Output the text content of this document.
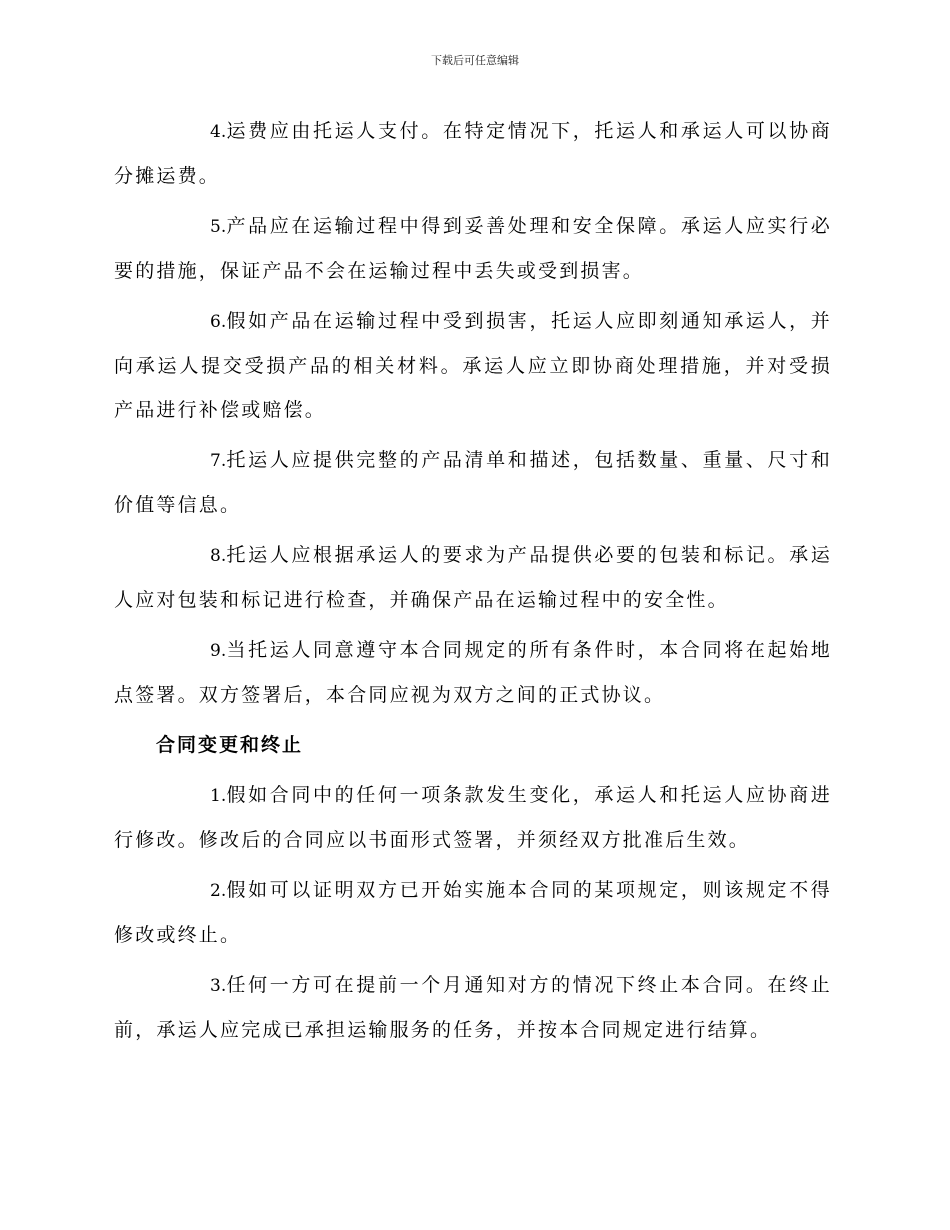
下载后可任意编辑

4.运费应由托运人支付。在特定情况下，托运人和承运人可以协商分摊运费。

5.产品应在运输过程中得到妥善处理和安全保障。承运人应实行必要的措施，保证产品不会在运输过程中丢失或受到损害。

6.假如产品在运输过程中受到损害，托运人应即刻通知承运人，并向承运人提交受损产品的相关材料。承运人应立即协商处理措施，并对受损产品进行补偿或赔偿。

7.托运人应提供完整的产品清单和描述，包括数量、重量、尺寸和价值等信息。

8.托运人应根据承运人的要求为产品提供必要的包装和标记。承运人应对包装和标记进行检查，并确保产品在运输过程中的安全性。

9.当托运人同意遵守本合同规定的所有条件时，本合同将在起始地点签署。双方签署后，本合同应视为双方之间的正式协议。

合同变更和终止

1.假如合同中的任何一项条款发生变化，承运人和托运人应协商进行修改。修改后的合同应以书面形式签署，并须经双方批准后生效。

2.假如可以证明双方已开始实施本合同的某项规定，则该规定不得修改或终止。

3.任何一方可在提前一个月通知对方的情况下终止本合同。在终止前，承运人应完成已承担运输服务的任务，并按本合同规定进行结算。
